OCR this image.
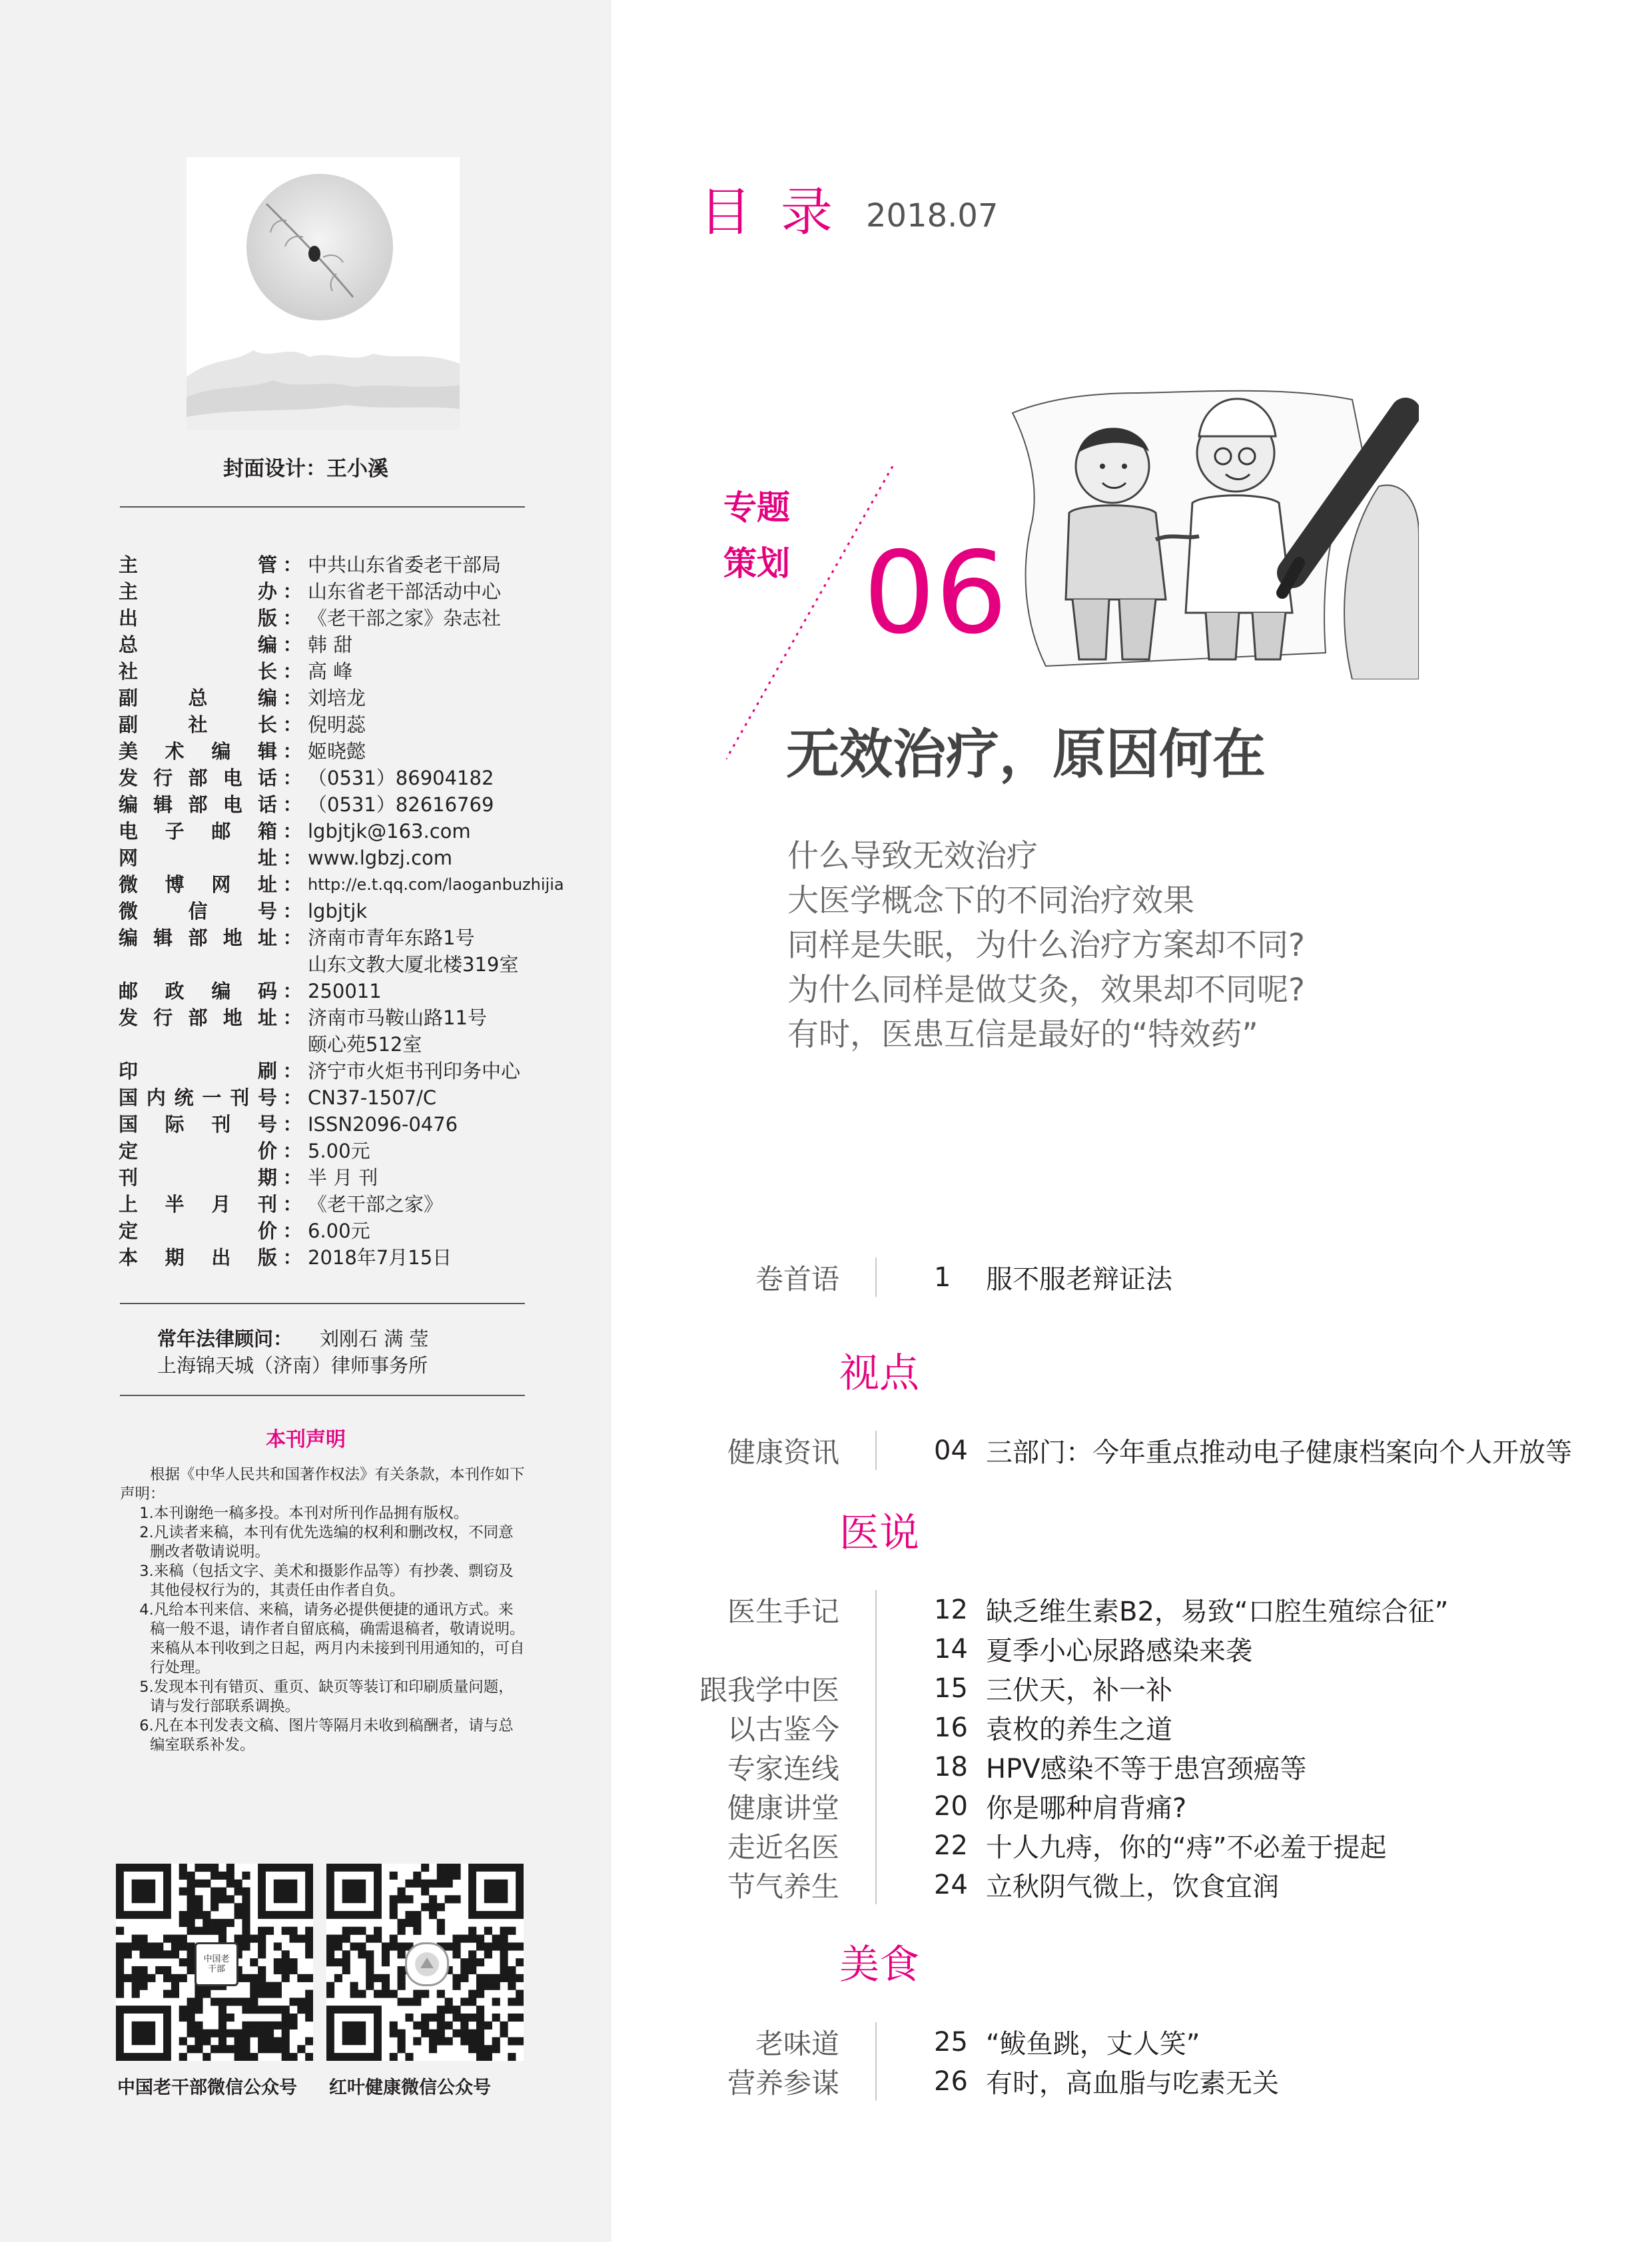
封面设计：王小溪
主管 ： 中共山东省委老干部局
主办 ： 山东省老干部活动中心
出版 ： 《老干部之家》杂志社
总编 ： 韩 甜
社长 ： 高 峰
副总编 ： 刘培龙
副社长 ： 倪明蕊
美术编辑 ： 姬晓懿
发行部电话 ： （0531）86904182
编辑部电话 ： （0531）82616769
电子邮箱 ： lgbjtjk@163.com
网址 ： www.lgbzj.com
微博网址 ： http://e.t.qq.com/laoganbuzhijia
微信号 ： lgbjtjk
编辑部地址 ： 济南市青年东路1号
山东文教大厦北楼319室
邮政编码 ： 250011
发行部地址 ： 济南市马鞍山路11号
颐心苑512室
印刷 ： 济宁市火炬书刊印务中心
国内统一刊号 ： CN37-1507/C
国际刊号 ： ISSN2096-0476
定价 ： 5.00元
刊期 ： 半 月 刊
上半月刊 ： 《老干部之家》
定价 ： 6.00元
本期出版 ： 2018年7月15日
常年法律顾问： 刘刚石 满 莹
上海锦天城（济南）律师事务所
本刊声明

根据《中华人民共和国著作权法》有关条款，本刊作如下声明：

1.本刊谢绝一稿多投。本刊对所刊作品拥有版权。

2.凡读者来稿，本刊有优先选编的权利和删改权，不同意删改者敬请说明。

3.来稿（包括文字、美术和摄影作品等）有抄袭、剽窃及其他侵权行为的，其责任由作者自负。

4.凡给本刊来信、来稿，请务必提供便捷的通讯方式。来稿一般不退，请作者自留底稿，确需退稿者，敬请说明。来稿从本刊收到之日起，两月内未接到刊用通知的，可自行处理。

5.发现本刊有错页、重页、缺页等装订和印刷质量问题，请与发行部联系调换。

6.凡在本刊发表文稿、图片等隔月未收到稿酬者，请与总编室联系补发。

中国老干部
中国老干部微信公众号 红叶健康微信公众号
目录 2018.07
专题
策划 06
无效治疗，原因何在
什么导致无效治疗
大医学概念下的不同治疗效果
同样是失眠，为什么治疗方案却不同?
为什么同样是做艾灸，效果却不同呢?
有时，医患互信是最好的“特效药”
卷首语	1	服不服老辩证法
视点
健康资讯	04 三部门：今年重点推动电子健康档案向个人开放等
医说
医生手记	12 缺乏维生素B2，易致“口腔生殖综合征”
14 夏季小心尿路感染来袭
跟我学中医	15 三伏天，补一补
以古鉴今	16 袁枚的养生之道
专家连线	18 HPV感染不等于患宫颈癌等
健康讲堂	20 你是哪种肩背痛?
走近名医	22 十人九痔，你的“痔”不必羞于提起
节气养生	24 立秋阴气微上，饮食宜润
美食
老味道	25 “鲅鱼跳，丈人笑”
营养参谋	26 有时，高血脂与吃素无关
